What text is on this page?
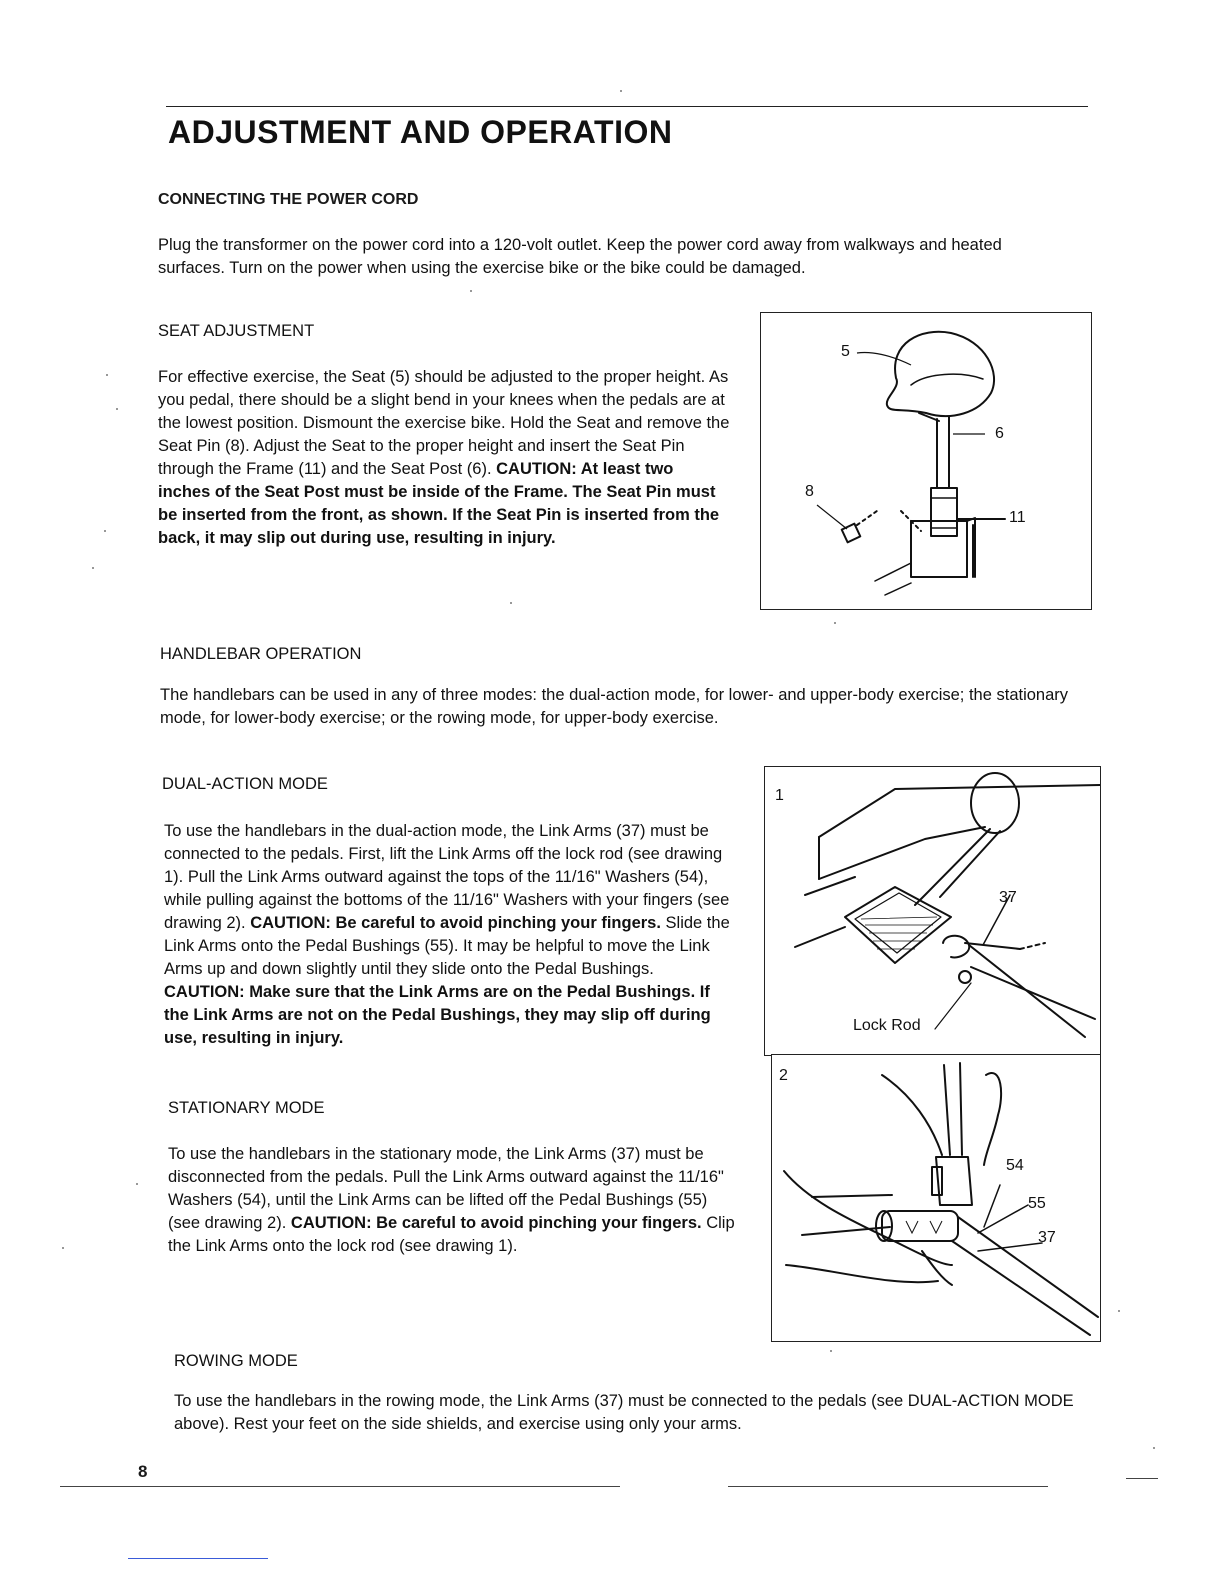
ADJUSTMENT AND OPERATION
CONNECTING THE POWER CORD
Plug the transformer on the power cord into a 120-volt outlet. Keep the power cord away from walkways and heated surfaces. Turn on the power when using the exercise bike or the bike could be damaged.
SEAT ADJUSTMENT
For effective exercise, the Seat (5) should be adjusted to the proper height. As you pedal, there should be a slight bend in your knees when the pedals are at the lowest position. Dismount the exercise bike. Hold the Seat and remove the Seat Pin (8). Adjust the Seat to the proper height and insert the Seat Pin through the Frame (11) and the Seat Post (6). CAUTION: At least two inches of the Seat Post must be inside of the Frame. The Seat Pin must be inserted from the front, as shown. If the Seat Pin is inserted from the back, it may slip out during use, resulting in injury.
5
6
8
11
HANDLEBAR OPERATION
The handlebars can be used in any of three modes: the dual-action mode, for lower- and upper-body exercise; the stationary mode, for lower-body exercise; or the rowing mode, for upper-body exercise.
DUAL-ACTION MODE
To use the handlebars in the dual-action mode, the Link Arms (37) must be connected to the pedals. First, lift the Link Arms off the lock rod (see drawing 1). Pull the Link Arms outward against the tops of the 11/16" Washers (54), while pulling against the bottoms of the 11/16" Washers with your fingers (see drawing 2). CAUTION: Be careful to avoid pinching your fingers. Slide the Link Arms onto the Pedal Bushings (55). It may be helpful to move the Link Arms up and down slightly until they slide onto the Pedal Bushings. CAUTION: Make sure that the Link Arms are on the Pedal Bushings. If the Link Arms are not on the Pedal Bushings, they may slip off during use, resulting in injury.
STATIONARY MODE
To use the handlebars in the stationary mode, the Link Arms (37) must be disconnected from the pedals. Pull the Link Arms outward against the 11/16" Washers (54), until the Link Arms can be lifted off the Pedal Bushings (55) (see drawing 2). CAUTION: Be careful to avoid pinching your fingers. Clip the Link Arms onto the lock rod (see drawing 1).
1
37
Lock Rod
2
54
55
37
ROWING MODE
To use the handlebars in the rowing mode, the Link Arms (37) must be connected to the pedals (see DUAL-ACTION MODE above). Rest your feet on the side shields, and exercise using only your arms.
8
